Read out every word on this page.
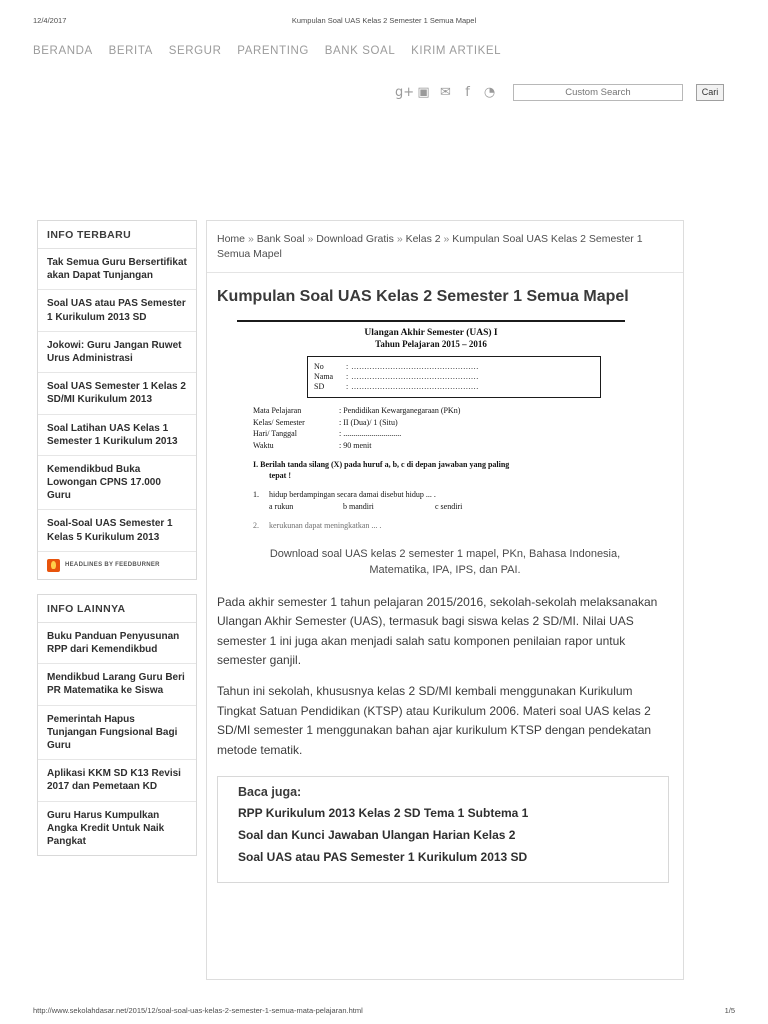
12/4/2017	Kumpulan Soal UAS Kelas 2 Semester 1 Semua Mapel
BERANDA BERITA SERGUR PARENTING BANK SOAL KIRIM ARTIKEL
g+ ▣ ✉	f	◔
Custom Search	Cari
INFO TERBARU
Tak Semua Guru Bersertifikat akan Dapat Tunjangan
Soal UAS atau PAS Semester 1 Kurikulum 2013 SD
Jokowi: Guru Jangan Ruwet Urus Administrasi
Soal UAS Semester 1 Kelas 2 SD/MI Kurikulum 2013
Soal Latihan UAS Kelas 1 Semester 1 Kurikulum 2013
Kemendikbud Buka Lowongan CPNS 17.000 Guru
Soal-Soal UAS Semester 1 Kelas 5 Kurikulum 2013
HEADLINES BY FEEDBURNER
INFO LAINNYA
Buku Panduan Penyusunan RPP dari Kemendikbud
Mendikbud Larang Guru Beri PR Matematika ke Siswa
Pemerintah Hapus Tunjangan Fungsional Bagi Guru
Aplikasi KKM SD K13 Revisi 2017 dan Pemetaan KD
Guru Harus Kumpulkan Angka Kredit Untuk Naik Pangkat
Home » Bank Soal » Download Gratis » Kelas 2 » Kumpulan Soal UAS Kelas 2 Semester 1 Semua Mapel
Kumpulan Soal UAS Kelas 2 Semester 1 Semua Mapel
Ulangan Akhir Semester (UAS) I
Tahun Pelajaran 2015 – 2016
No	: .................................................
Nama	: .................................................
SD	: .................................................
Mata Pelajaran	: Pendidikan Kewarganegaraan (PKn)
Kelas/ Semester	: II (Dua)/ 1 (Situ)
Hari/ Tanggal	: .............................
Waktu	: 90 menit
I. Berilah tanda silang (X) pada huruf a, b, c di depan jawaban yang paling
tepat !
1.	hidup berdampingan secara damai disebut hidup ... .
a rukun	b mandiri	c sendiri
2.	kerukunan dapat meningkatkan ... .
Download soal UAS kelas 2 semester 1 mapel, PKn, Bahasa Indonesia, Matematika, IPA, IPS, dan PAI.
Pada akhir semester 1 tahun pelajaran 2015/2016, sekolah-sekolah melaksanakan Ulangan Akhir Semester (UAS), termasuk bagi siswa kelas 2 SD/MI. Nilai UAS semester 1 ini juga akan menjadi salah satu komponen penilaian rapor untuk semester ganjil.
Tahun ini sekolah, khususnya kelas 2 SD/MI kembali menggunakan Kurikulum Tingkat Satuan Pendidikan (KTSP) atau Kurikulum 2006. Materi soal UAS kelas 2 SD/MI semester 1 menggunakan bahan ajar kurikulum KTSP dengan pendekatan metode tematik.
Baca juga:
RPP Kurikulum 2013 Kelas 2 SD Tema 1 Subtema 1
Soal dan Kunci Jawaban Ulangan Harian Kelas 2
Soal UAS atau PAS Semester 1 Kurikulum 2013 SD
http://www.sekolahdasar.net/2015/12/soal-soal-uas-kelas-2-semester-1-semua-mata-pelajaran.html	1/5
